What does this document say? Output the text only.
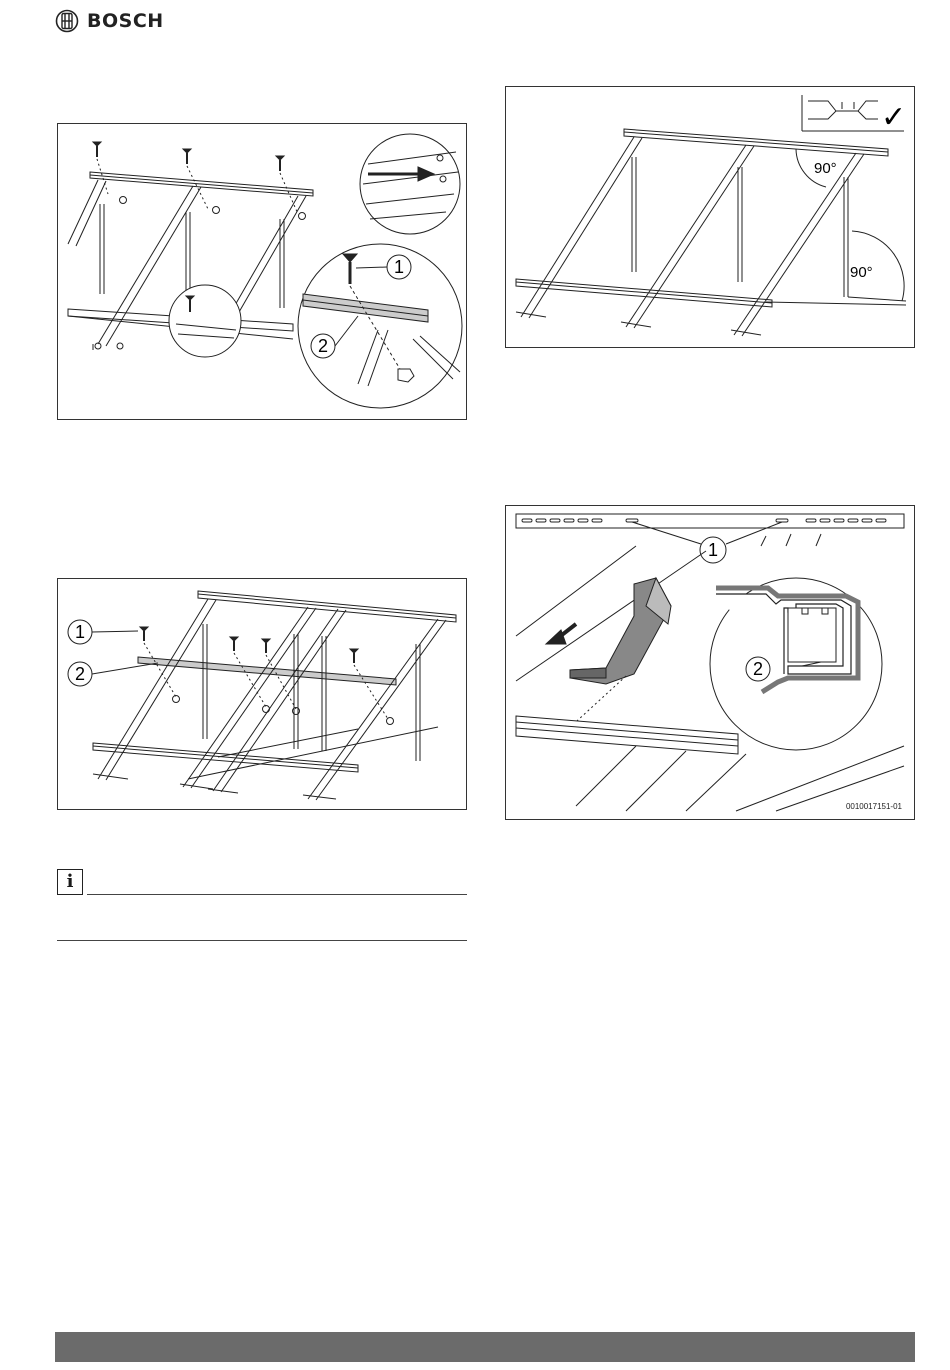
BOSCH
1
2
✓
90°
90°
1
2
1
2
0010017151-01
i
